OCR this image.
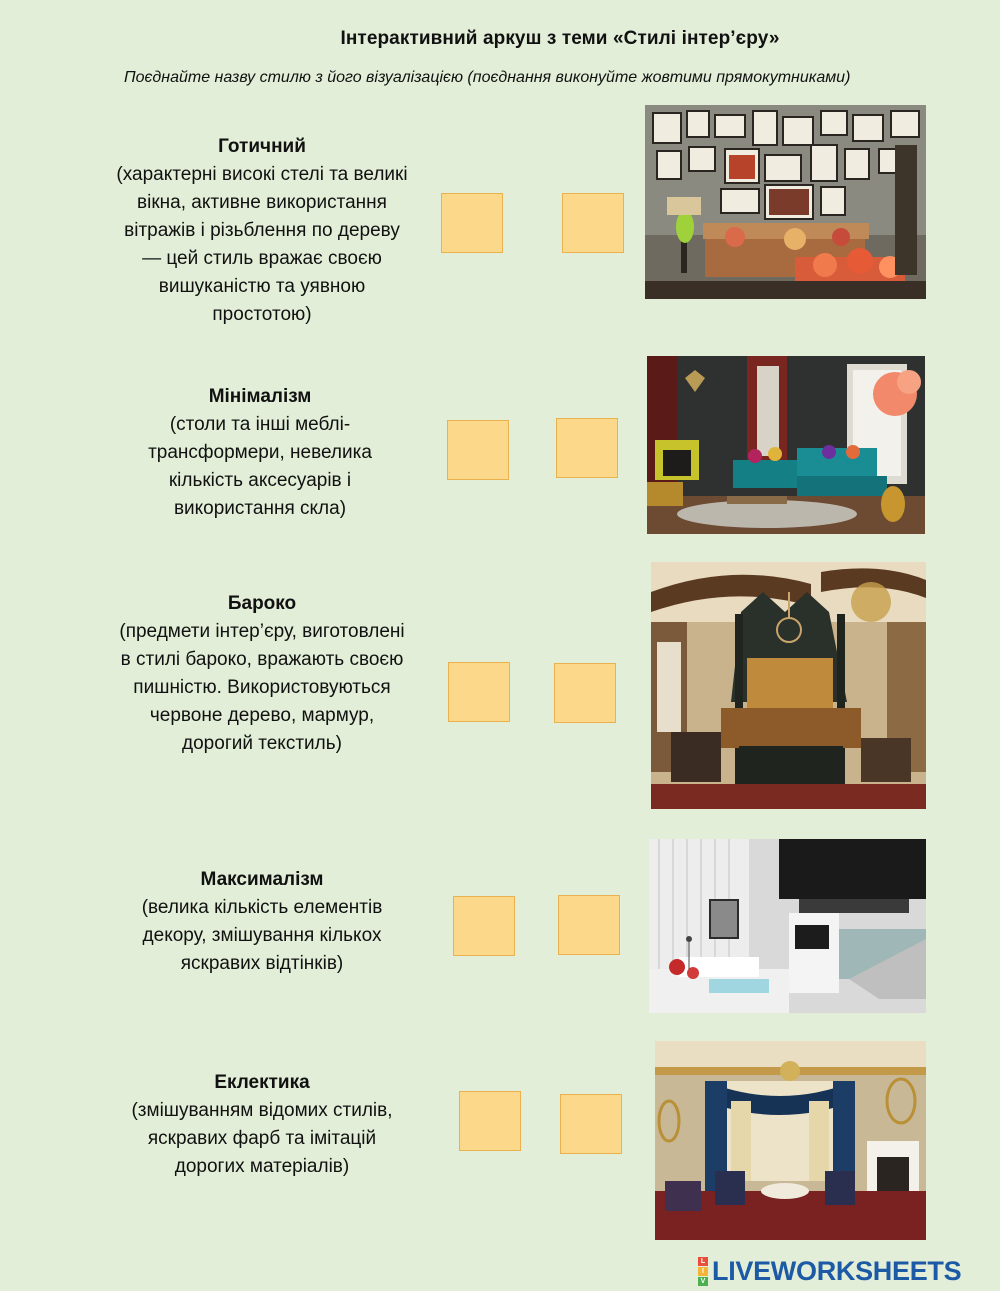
Інтерактивний аркуш з теми «Стилі інтер’єру»
Поєднайте назву стилю з його візуалізацією (поєднання виконуйте жовтими прямокутниками)
Готичний
(характерні високі стелі та великі
вікна, активне використання
вітражів і різьблення по дереву
— цей стиль вражає своєю
вишуканістю та уявною
простотою)
Мінімалізм
(столи та інші меблі-
трансформери, невелика
кількість аксесуарів і
використання скла)
Бароко
(предмети інтер’єру, виготовлені
в стилі бароко, вражають своєю
пишністю. Використовуються
червоне дерево, мармур,
дорогий текстиль)
Максималізм
(велика кількість елементів
декору, змішування кількох
яскравих відтінків)
Еклектика
(змішуванням відомих стилів,
яскравих фарб та імітацій
дорогих матеріалів)
L
I
V LIVEWORKSHEETS
